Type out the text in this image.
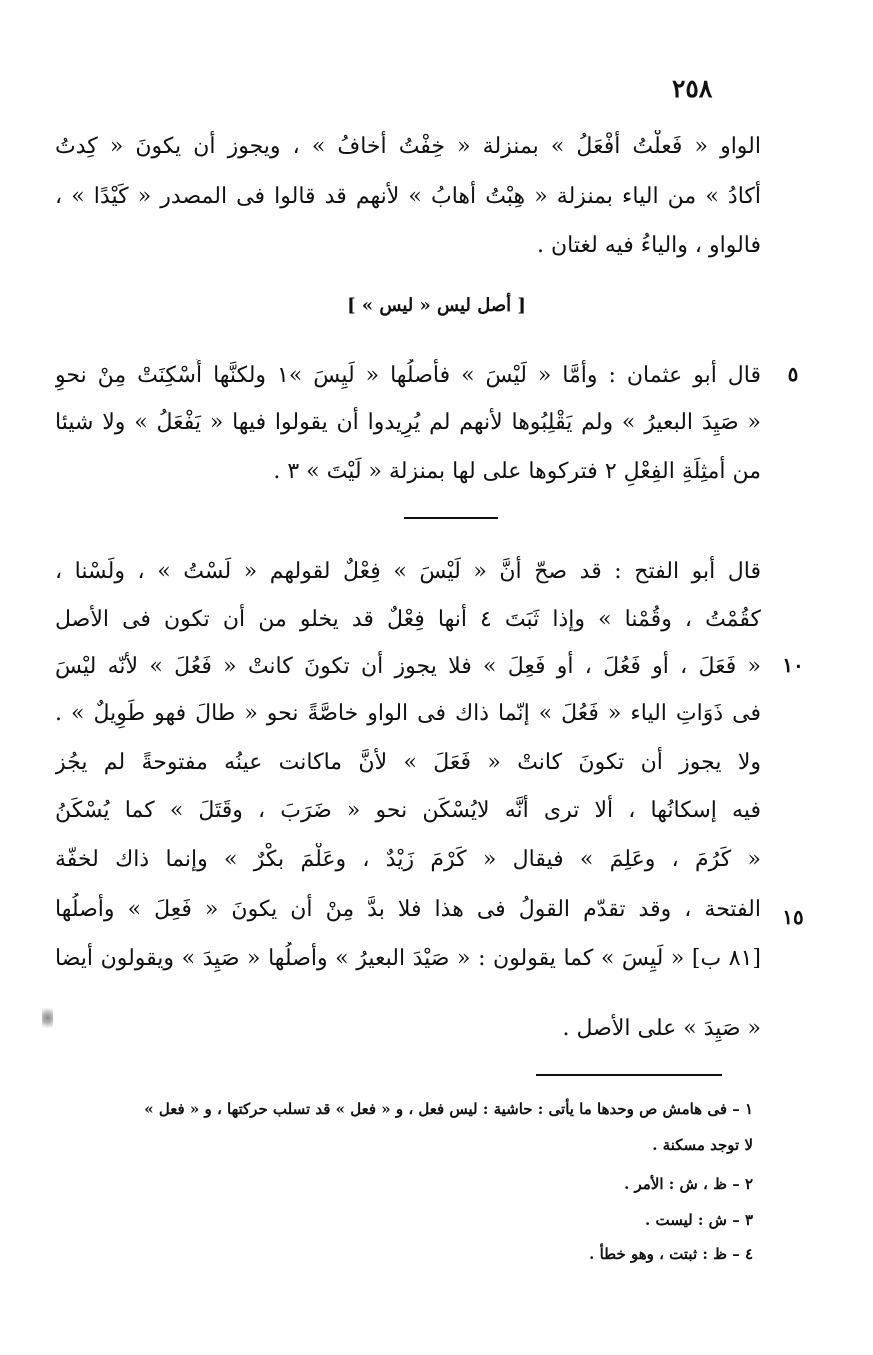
٢٥٨
الواو « فَعلْتُ أفْعَلُ » بمنزلة « خِفْتُ أخافُ » ، ويجوز أن يكونَ « كِدتُ
أكادُ » من الياء بمنزلة « هِبْتُ أهابُ » لأنهم قد قالوا فى المصدر « كَيْدًا » ،
فالواو ، والياءُ فيه لغتان .
[ أصل ليس « ليس » ]
٥
قال أبو عثمان : وأمَّا « لَيْسَ » فأصلُها « لَيِسَ »١ ولكنَّها أُسْكِنَتْ مِنْ نحوِ
« صَيِدَ البعيرُ » ولم يَقْلِبُوها لأنهم لم يُرِيدوا أن يقولوا فيها « يَفْعَلُ » ولا شيئا
من أمثِلَةِ الفِعْلِ ٢ فتركوها على لها بمنزلة « لَيْتَ » ٣ .
قال أبو الفتح : قد صحّ أنَّ « لَيْسَ » فِعْلٌ لقولهم « لَسْتُ » ، ولَسْنا ،
كقُمْتُ ، وقُمْنا » وإذا ثَبَتَ ٤ أنها فِعْلٌ قد يخلو من أن تكون فى الأصل
١٠
« فَعَلَ ، أو فَعُلَ ، أو فَعِلَ » فلا يجوز أن تكونَ كانتْ « فَعُلَ » لأنّه ليْسَ
فى ذَوَاتِ الياء « فَعُلَ » إنّما ذاك فى الواو خاصَّةً نحو « طالَ فهو طَوِيلٌ » .
ولا يجوز أن تكونَ كانتْ « فَعَلَ » لأنَّ ماكانت عينُه مفتوحةً لم يجُز
فيه إسكانُها ، ألا ترى أنَّه لايُسْكَن نحو « ضَرَبَ ، وقَتَلَ » كما يُسْكَنُ
« كَرُمَ ، وعَلِمَ » فيقال « كَرْمَ زَيْدٌ ، وعَلْمَ بكْرٌ » وإنما ذاك لخفّة
١٥
الفتحة ، وقد تقدّم القولُ فى هذا فلا بدَّ مِنْ أن يكونَ « فَعِلَ » وأصلُها
[٨١ ب] « لَيِسَ » كما يقولون : « صَيْدَ البعيرُ » وأصلُها « صَيِدَ » ويقولون أيضا
« صَيِدَ » على الأصل .
١ – فى هامش ص وحدها ما يأتى : حاشية : ليس فعل ، و « فعل » قد تسلب حركتها ، و « فعل »
لا توجد مسكنة .
٢ – ظ ، ش : الأمر .
٣ – ش : ليست .
٤ – ظ : ثبتت ، وهو خطأ .
